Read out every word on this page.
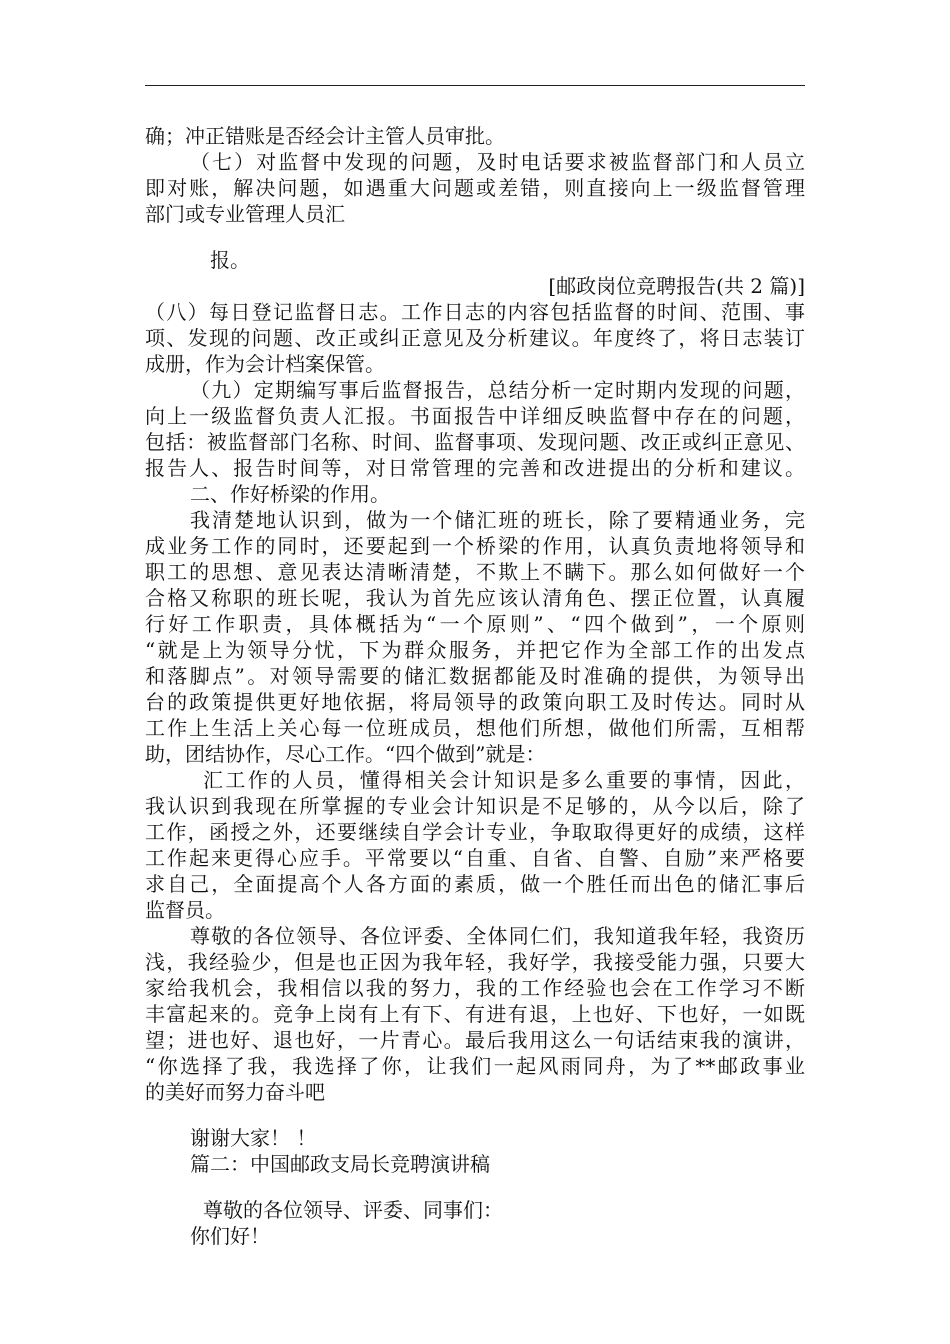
确；冲正错账是否经会计主管人员审批。
（七）对监督中发现的问题，及时电话要求被监督部门和人员立
即对账，解决问题，如遇重大问题或差错，则直接向上一级监督管理
部门或专业管理人员汇
报。
[邮政岗位竞聘报告(共 2 篇)]
（八）每日登记监督日志。工作日志的内容包括监督的时间、范围、事
项、发现的问题、改正或纠正意见及分析建议。年度终了，将日志装订
成册，作为会计档案保管。
（九）定期编写事后监督报告，总结分析一定时期内发现的问题，
向上一级监督负责人汇报。书面报告中详细反映监督中存在的问题，
包括：被监督部门名称、时间、监督事项、发现问题、改正或纠正意见、
报告人、报告时间等，对日常管理的完善和改进提出的分析和建议。
二、作好桥梁的作用。
我清楚地认识到，做为一个储汇班的班长，除了要精通业务，完
成业务工作的同时，还要起到一个桥梁的作用，认真负责地将领导和
职工的思想、意见表达清晰清楚，不欺上不瞒下。那么如何做好一个
合格又称职的班长呢，我认为首先应该认清角色、摆正位置，认真履
行好工作职责，具体概括为“一个原则”、“四个做到”，一个原则
“就是上为领导分忧，下为群众服务，并把它作为全部工作的出发点
和落脚点”。对领导需要的储汇数据都能及时准确的提供，为领导出
台的政策提供更好地依据，将局领导的政策向职工及时传达。同时从
工作上生活上关心每一位班成员，想他们所想，做他们所需，互相帮
助，团结协作，尽心工作。“四个做到”就是：
汇工作的人员，懂得相关会计知识是多么重要的事情，因此，
我认识到我现在所掌握的专业会计知识是不足够的，从今以后，除了
工作，函授之外，还要继续自学会计专业，争取取得更好的成绩，这样
工作起来更得心应手。平常要以“自重、自省、自警、自励”来严格要
求自己，全面提高个人各方面的素质，做一个胜任而出色的储汇事后
监督员。
尊敬的各位领导、各位评委、全体同仁们，我知道我年轻，我资历
浅，我经验少，但是也正因为我年轻，我好学，我接受能力强，只要大
家给我机会，我相信以我的努力，我的工作经验也会在工作学习不断
丰富起来的。竞争上岗有上有下、有进有退，上也好、下也好，一如既
望；进也好、退也好，一片青心。最后我用这么一句话结束我的演讲，
“你选择了我，我选择了你，让我们一起风雨同舟，为了**邮政事业
的美好而努力奋斗吧
谢谢大家！ ！
篇二：中国邮政支局长竞聘演讲稿
尊敬的各位领导、评委、同事们：
你们好！
